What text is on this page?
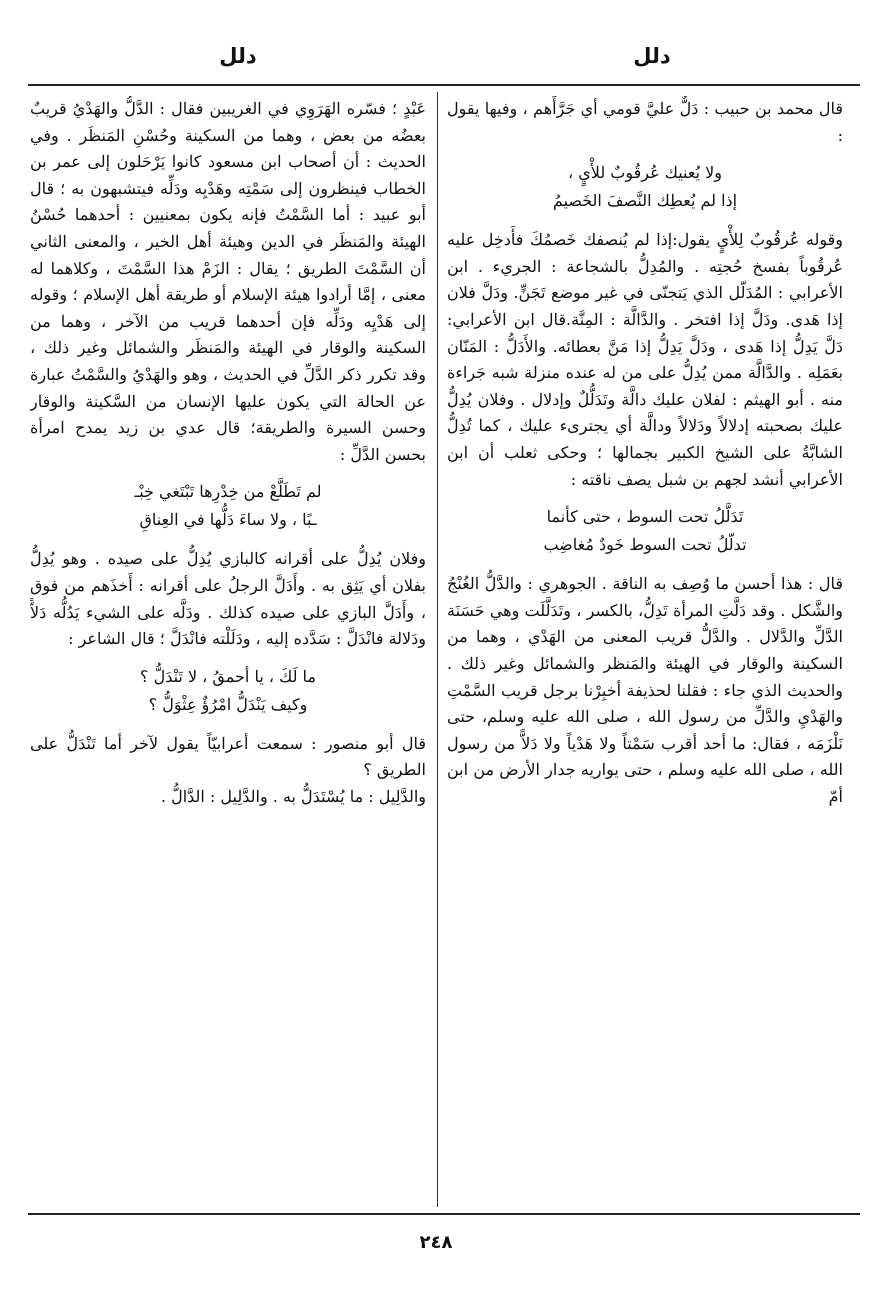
دلل
دلل

قال محمد بن حبيب : دَلٌّ عليَّ قومي أي جَرَّأَهم ، وفيها يقول :

ولا يُعنيك عُرقُوبٌ للأْيٍ ،
إذا لم يُعطِك النَّصفَ الخَصيمُ

وقوله عُرقُوبٌ لِلأْيٍ يقول:إذا لم يُنصفك خَصمُكَ فأَدخِل عليه عُرقُوباً بفسخ حُجتِه . والمُدِلُّ بالشجاعة : الجريء . ابن الأعرابي : المُدَلّل الذي يَتجنّى في غير موضع تَجَنٍّ. ودَلَّ فلان إذا هَدى. ودَلَّ إذا افتخر . والدَّالَّة : المِنَّة.قال ابن الأعرابي: دَلَّ يَدِلُّ إذا هَدى ، ودَلَّ يَدِلُّ إذا مَنَّ بعطائه. والأَدَلُّ : المَنّان بعَمَلِه . والدَّالَّة ممن يُدِلُّ على من له عنده منزلة شبه جَراءة منه . أبو الهيثم : لفلان عليك دالَّة وتَدَلُّلٌ وإدلال . وفلان يُدِلُّ عليك بصحبته إدلالاً ودَلالاً ودالَّة أي يجترىء عليك ، كما تُدِلُّ الشابَّةُ على الشيخ الكبير بجمالها ؛ وحكى ثعلب أن ابن الأعرابي أنشد لجهم بن شبل يصف ناقته :

تَدَلَّلُ تحت السوط ، حتى كأنما
تدلّلُ تحت السوط خَودٌ مُغاضِب

قال : هذا أحسن ما وُصِف به الناقة . الجوهري : والدَّلُّ الغُنْجُ والشَّكل . وقد دَلَّتِ المرأة تَدِلُّ، بالكسر ، وتَدَلَّلَت وهي حَسَنَة الدَّلِّ والدَّلال . والدَّلُّ قريب المعنى من الهَدْي ، وهما من السكينة والوقار في الهيئة والمَنظر والشمائل وغير ذلك . والحديث الذي جاء : فقلنا لحذيفة أخبِرْنا برجل قريب السَّمْتِ والهَدْيِ والدَّلِّ من رسول الله ، صلى الله عليه وسلم، حتى نَلْزَمَه ، فقال: ما أحد أقرب سَمْتاً ولا هَدْياً ولا دَلاًّ من رسول الله ، صلى الله عليه وسلم ، حتى يواريه جدار الأرض من ابن أمّ

عَبْدٍ ؛ فسّره الهَرَوِي في الغريبين فقال : الدَّلُّ والهَدْيُ قريبٌ بعضُه من بعض ، وهما من السكينة وحُسْنِ المَنظَر . وفي الحديث : أن أصحاب ابن مسعود كانوا يَرْحَلون إلى عمر بن الخطاب فينظرون إلى سَمْتِه وهَدْيِه ودَلِّه فيتشبهون به ؛ قال أبو عبيد : أما السَّمْتُ فإنه يكون بمعنيين : أحدهما حُسْنُ الهيئة والمَنظَر في الدين وهيئة أهل الخير ، والمعنى الثاني أن السَّمْتَ الطريق ؛ يقال : الزَمْ هذا السَّمْتَ ، وكلاهما له معنى ، إمَّا أرادوا هيئة الإسلام أو طريقة أهل الإسلام ؛ وقوله إلى هَدْيِه ودَلِّه فإن أحدهما قريب من الآخر ، وهما من السكينة والوقار في الهيئة والمَنظَر والشمائل وغير ذلك ، وقد تكرر ذكر الدَّلِّ في الحديث ، وهو والهَدْيُ والسَّمْتُ عبارة عن الحالة التي يكون عليها الإنسان من السَّكينة والوقار وحسن السيرة والطريقة؛ قال عدي بن زيد يمدح امرأة بحسن الدَّلِّ :

لم تَطَلَّعْ من خِدْرِها تَبْتَغي خِبْـ
ـبًا ، ولا ساءَ دَلُّها في العِناقِ

وفلان يُدِلُّ على أقرانه كالبازي يُدِلُّ على صيده . وهو يُدِلُّ بفلان أي يَثِق به . وأَدَلَّ الرجلُ على أقرانه : أَخذَهم من فوق ، وأَدَلَّ البازي على صيده كذلك . ودَلَّه على الشيء يَدُلُّه دَلاًّ ودَلالة فانْدَلَّ : سَدَّده إليه ، ودَلَلْته فانْدَلَّ ؛ قال الشاعر :

ما لَكَ ، يا أحمقُ ، لا تَنْدَلُّ ؟
وكيف يَنْدَلُّ امْرُؤٌ عِثْوَلُّ ؟

قال أبو منصور : سمعت أعرابيّاً يقول لآخر أما تَنْدَلُّ على الطريق ؟

والدَّلِيل : ما يُسْتَدَلُّ به . والدَّلِيل : الدَّالُّ .

٢٤٨
